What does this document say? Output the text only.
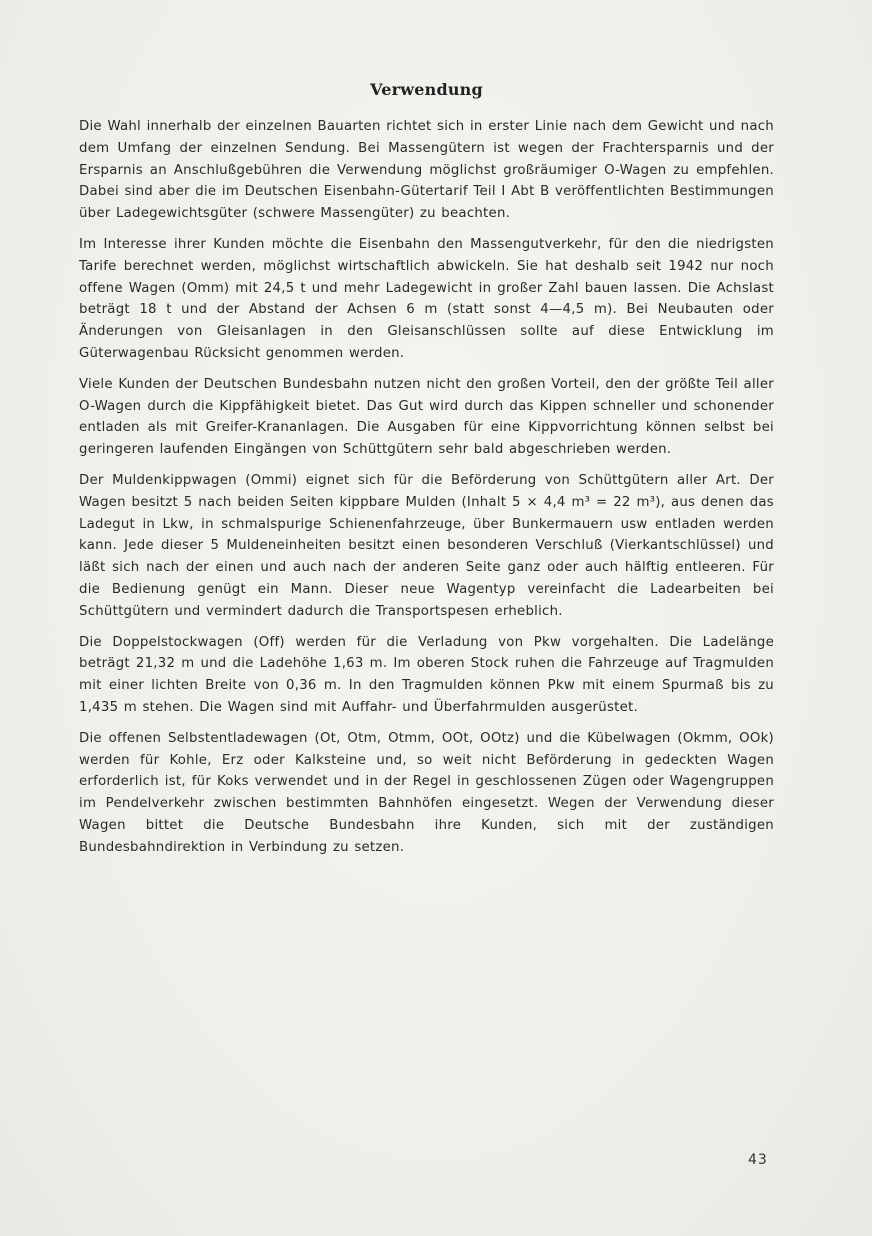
Verwendung

Die Wahl innerhalb der einzelnen Bauarten richtet sich in erster Linie nach dem Gewicht und nach dem Umfang der einzelnen Sendung. Bei Massengütern ist wegen der Frachtersparnis und der Ersparnis an Anschlußgebühren die Verwendung möglichst großräumiger O-Wagen zu empfehlen. Dabei sind aber die im Deutschen Eisenbahn-Gütertarif Teil I Abt B veröffentlichten Bestimmungen über Ladegewichtsgüter (schwere Massengüter) zu beachten.

Im Interesse ihrer Kunden möchte die Eisenbahn den Massengutverkehr, für den die niedrigsten Tarife berechnet werden, möglichst wirtschaftlich abwickeln. Sie hat deshalb seit 1942 nur noch offene Wagen (Omm) mit 24,5 t und mehr Ladegewicht in großer Zahl bauen lassen. Die Achslast beträgt 18 t und der Abstand der Achsen 6 m (statt sonst 4—4,5 m). Bei Neubauten oder Änderungen von Gleisanlagen in den Gleisanschlüssen sollte auf diese Entwicklung im Güterwagenbau Rücksicht genommen werden.

Viele Kunden der Deutschen Bundesbahn nutzen nicht den großen Vorteil, den der größte Teil aller O-Wagen durch die Kippfähigkeit bietet. Das Gut wird durch das Kippen schneller und schonender entladen als mit Greifer-Krananlagen. Die Ausgaben für eine Kippvorrichtung können selbst bei geringeren laufenden Eingängen von Schüttgütern sehr bald abgeschrieben werden.

Der Muldenkippwagen (Ommi) eignet sich für die Beförderung von Schüttgütern aller Art. Der Wagen besitzt 5 nach beiden Seiten kippbare Mulden (Inhalt 5 × 4,4 m³ = 22 m³), aus denen das Ladegut in Lkw, in schmalspurige Schienenfahrzeuge, über Bunkermauern usw entladen werden kann. Jede dieser 5 Muldeneinheiten besitzt einen besonderen Verschluß (Vierkantschlüssel) und läßt sich nach der einen und auch nach der anderen Seite ganz oder auch hälftig entleeren. Für die Bedienung genügt ein Mann. Dieser neue Wagentyp vereinfacht die Ladearbeiten bei Schüttgütern und vermindert dadurch die Transportspesen erheblich.

Die Doppelstockwagen (Off) werden für die Verladung von Pkw vorgehalten. Die Ladelänge beträgt 21,32 m und die Ladehöhe 1,63 m. Im oberen Stock ruhen die Fahrzeuge auf Tragmulden mit einer lichten Breite von 0,36 m. In den Tragmulden können Pkw mit einem Spurmaß bis zu 1,435 m stehen. Die Wagen sind mit Auffahr- und Überfahrmulden ausgerüstet.

Die offenen Selbstentladewagen (Ot, Otm, Otmm, OOt, OOtz) und die Kübelwagen (Okmm, OOk) werden für Kohle, Erz oder Kalksteine und, so weit nicht Beförderung in gedeckten Wagen erforderlich ist, für Koks verwendet und in der Regel in geschlossenen Zügen oder Wagengruppen im Pendelverkehr zwischen bestimmten Bahnhöfen eingesetzt. Wegen der Verwendung dieser Wagen bittet die Deutsche Bundesbahn ihre Kunden, sich mit der zuständigen Bundesbahndirektion in Verbindung zu setzen.

43
